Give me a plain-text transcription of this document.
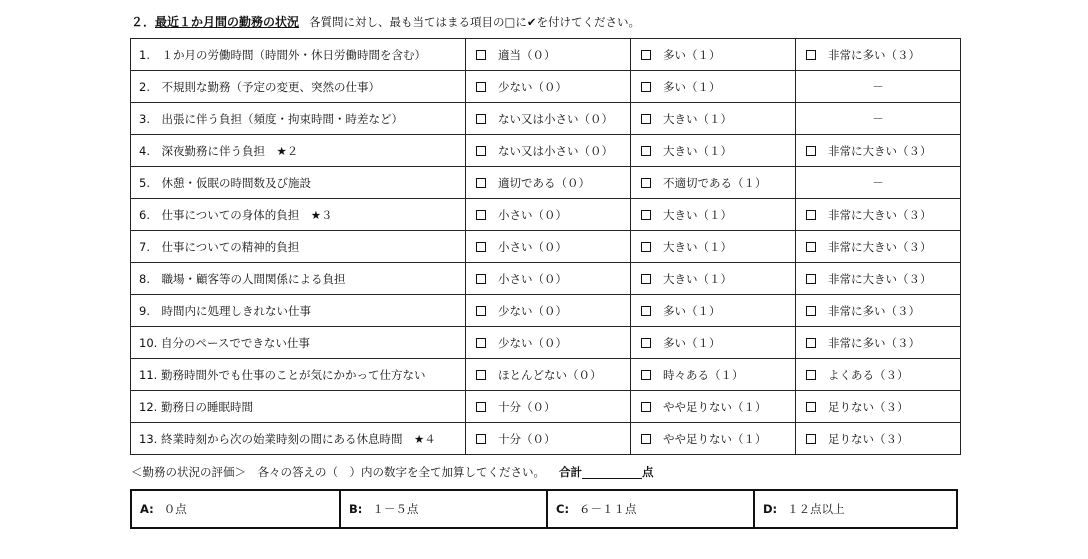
２．最近１か月間の勤務の状況 各質問に対し、最も当てはまる項目の□に✔を付けてください。
1.　１か月の労働時間（時間外・休日労働時間を含む）	適当（０）	多い（１）	非常に多い（３）
2.　不規則な勤務（予定の変更、突然の仕事）	少ない（０）	多い（１）	－
3.　出張に伴う負担（頻度・拘束時間・時差など）	ない又は小さい（０）	大きい（１）	－
4.　深夜勤務に伴う負担　★２	ない又は小さい（０）	大きい（１）	非常に大きい（３）
5.　休憩・仮眠の時間数及び施設	適切である（０）	不適切である（１）	－
6.　仕事についての身体的負担　★３	小さい（０）	大きい（１）	非常に大きい（３）
7.　仕事についての精神的負担	小さい（０）	大きい（１）	非常に大きい（３）
8.　職場・顧客等の人間関係による負担	小さい（０）	大きい（１）	非常に大きい（３）
9.　時間内に処理しきれない仕事	少ない（０）	多い（１）	非常に多い（３）
10. 自分のペースでできない仕事	少ない（０）	多い（１）	非常に多い（３）
11. 勤務時間外でも仕事のことが気にかかって仕方ない	ほとんどない（０）	時々ある（１）	よくある（３）
12. 勤務日の睡眠時間	十分（０）	やや足りない（１）	足りない（３）
13. 終業時刻から次の始業時刻の間にある休息時間　★４	十分（０）	やや足りない（１）	足りない（３）
＜勤務の状況の評価＞　 各々の答えの（　）内の数字を全て加算してください。 合計	点
A: ０点	B: １－５点	C: ６－１１点	D: １２点以上
